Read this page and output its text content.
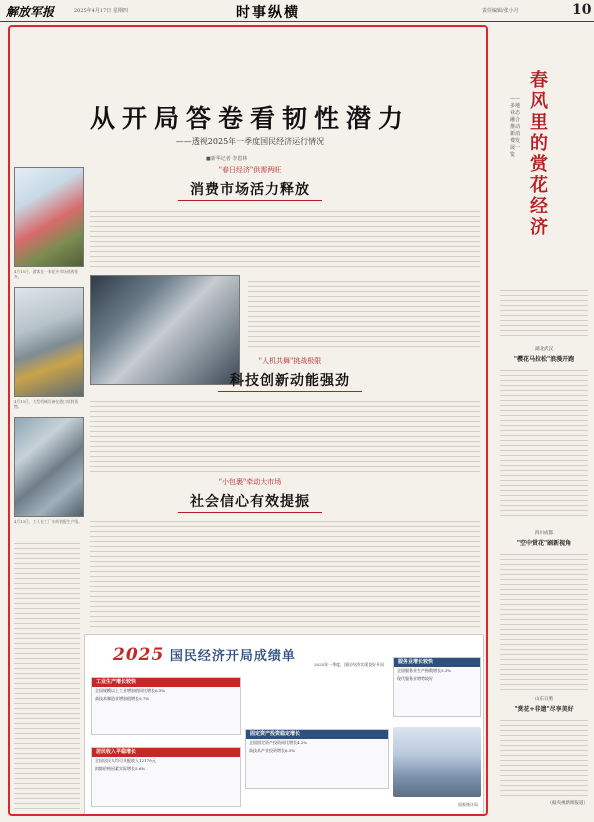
解放军报	2025年4月17日 星期四	时事纵横	责任编辑/张小月	10
从开局答卷看韧性潜力
——透视2025年一季度国民经济运行情况
■新华记者 李恩林
4月15日，游客在一家花卉市场选购花卉。
4月15日，大型机械设备在港口装卸货物。
4月13日，工人在工厂车间装配生产线。
"春日经济"供需两旺
消费市场活力释放
"人机共舞"挑战极限
科技创新动能强劲
"小包裹"牵动大市场
社会信心有效提振
2025 国民经济开局成绩单
2025年一季度，国民经济实现良好开局
工业生产增长较快
全国规模以上工业增加值同比增长6.5%
高技术制造业增加值增长9.7%
服务业增长较快
全国服务业生产指数增长5.3%
现代服务业增势较好
固定资产投资稳定增长
全国固定资产投资同比增长4.2%
高技术产业投资增长6.5%
居民收入平稳增长
全国居民人均可支配收入12179元
扣除价格因素实际增长5.6%
国家统计局
春风里的赏花经济
——多地业态融合推动新消费发展一览
湖北武汉
"樱花马拉松"浪漫开跑
四川成都
"空中赏花"刷新视角
山东日照
"赏花+非遗"尽享美好
（据央视新闻报道）
